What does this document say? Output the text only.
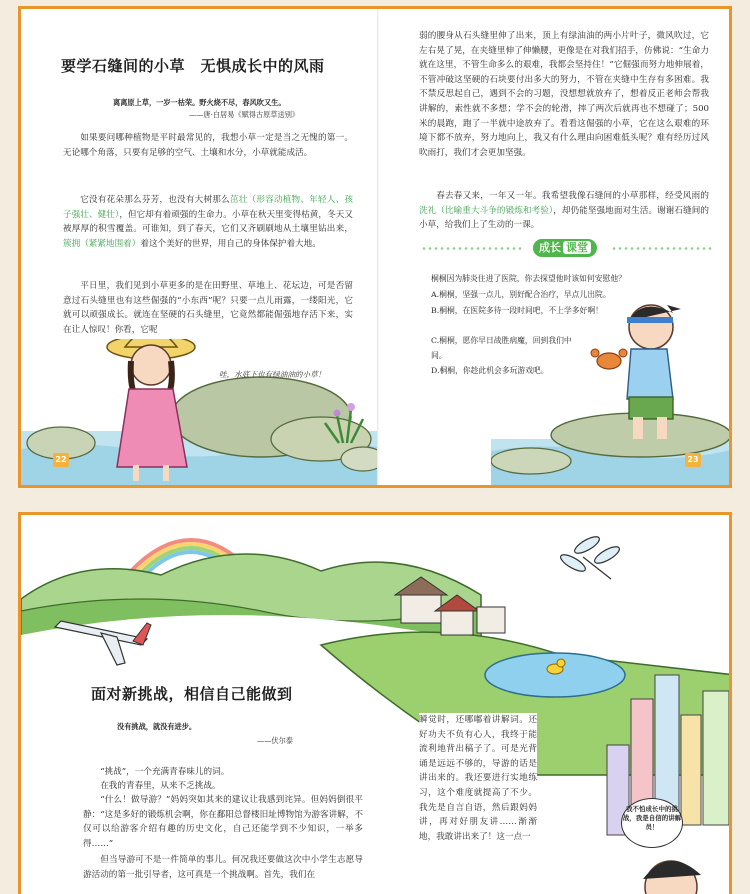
要学石缝间的小草　无惧成长中的风雨

离离原上草，一岁一枯荣。野火烧不尽，春风吹又生。

——唐·白居易《赋得古原草送别》

如果要问哪种植物是平时最常见的，我想小草一定是当之无愧的第一。无论哪个角落，只要有足够的空气、土壤和水分，小草就能成活。

它没有花朵那么芬芳，也没有大树那么茁壮（形容动植物、年轻人、孩子强壮、健壮），但它却有着顽强的生命力。小草在秋天里变得枯黄，冬天又被厚厚的积雪覆盖。可谁知，到了春天，它们又齐刷刷地从土壤里钻出来，簇拥（紧紧地围着）着这个美好的世界，用自己的身体保护着大地。

平日里，我们见到小草更多的是在田野里、草地上、花坛边，可是否留意过石头缝里也有这些倔强的“小东西”呢？只要一点儿雨露，一缕阳光，它就可以顽强成长。就连在坚硬的石头缝里，它竟然都能倔强地存活下来，实在让人惊叹！你看，它呢

哇，水底下也有绿油油的小草！
22

弱的腰身从石头缝里伸了出来，顶上有绿油油的两小片叶子，微风吹过，它左右晃了晃，在夹缝里伸了伸懒腰，更像是在对我们招手，仿佛说：“生命力就在这里，不管生命多么的艰难，我都会坚持住！”它倔强而努力地伸展着，不管冲破这坚硬的石块要付出多大的努力，不管在夹缝中生存有多困难。我不禁反思起自己，遇到不会的习题，没想想就放弃了，想着反正老师会帮我讲解的，索性就不多想；学不会的轮滑，摔了两次后就再也不想碰了；500米的晨跑，跑了一半就中途放弃了。看看这倔强的小草，它在这么艰难的环境下都不放弃，努力地向上，我又有什么理由向困难低头呢？难有经历过风吹雨打，我们才会更加坚强。

春去春又来，一年又一年。我希望我像石缝间的小草那样，经受风雨的洗礼（比喻重大斗争的锻炼和考验），却仍能坚强地面对生活。谢谢石缝间的小草，给我们上了生动的一课。

成长 课堂

桐桐因为肺炎住进了医院，你去探望他时该如何安慰他？

A.桐桐，坚强一点儿，别好配合治疗，早点儿出院。

B.桐桐，在医院多待一段时间吧，不上学多好啊！

C.桐桐，愿你早日战胜病魔，回到我们中间。

D.桐桐，你趁此机会多玩游戏吧。

23
我不怕成长中的挑战，我是自信的讲解员！
面对新挑战，相信自己能做到

没有挑战，就没有进步。

——伏尔泰

“挑战”，一个充满青春味儿的词。

在我的青春里，从来不乏挑战。

“什么！做导游？”妈妈突如其来的建议让我感到诧异。但妈妈倒很平静：“这是多好的锻炼机会啊，你在鄱阳总督楼旧址博物馆为游客讲解，不仅可以给游客介绍有趣的历史文化，自己还能学到不少知识，一举多得……”

但当导游可不是一件简单的事儿。何况我还要做这次中小学生志愿导游活动的第一批引导者，这可真是一个挑战啊。首先，我们在

瞬觉时，还哪嘟着讲解词。还好功夫不负有心人，我终于能流利地背出稿子了。可是光背诵是远远不够的，导游的话是讲出来的。我还要进行实地练习，这个难度就提高了不少。我先是自言自语，然后跟妈妈讲，再对好朋友讲……渐渐地，我敢讲出来了！这一点一
